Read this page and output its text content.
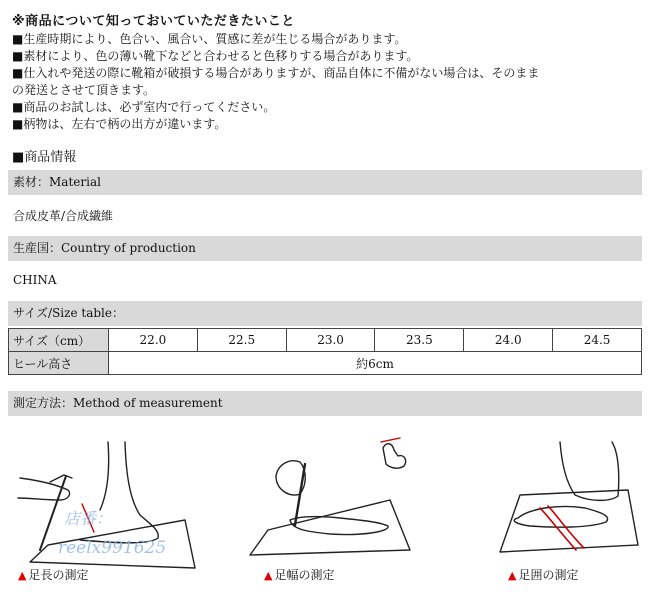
※商品について知っておいていただきたいこと
■生産時期により、色合い、風合い、質感に差が生じる場合があります。
■素材により、色の薄い靴下などと合わせると色移りする場合があります。
■仕入れや発送の際に靴箱が破損する場合がありますが、商品自体に不備がない場合は、そのまま
の発送とさせて頂きます。
■商品のお試しは、必ず室内で行ってください。
■柄物は、左右で柄の出方が違います。
■商品情報
素材：Material
合成皮革/合成繊維
生産国：Country of production
CHINA
サイズ/Size table：
サイズ（cm）	22.0	22.5	23.0	23.5	24.0	24.5
ヒール高さ	約6cm					
測定方法：Method of measurement
店番：
reelx991625
▲ 足長の測定	▲ 足幅の測定	▲ 足囲の測定
